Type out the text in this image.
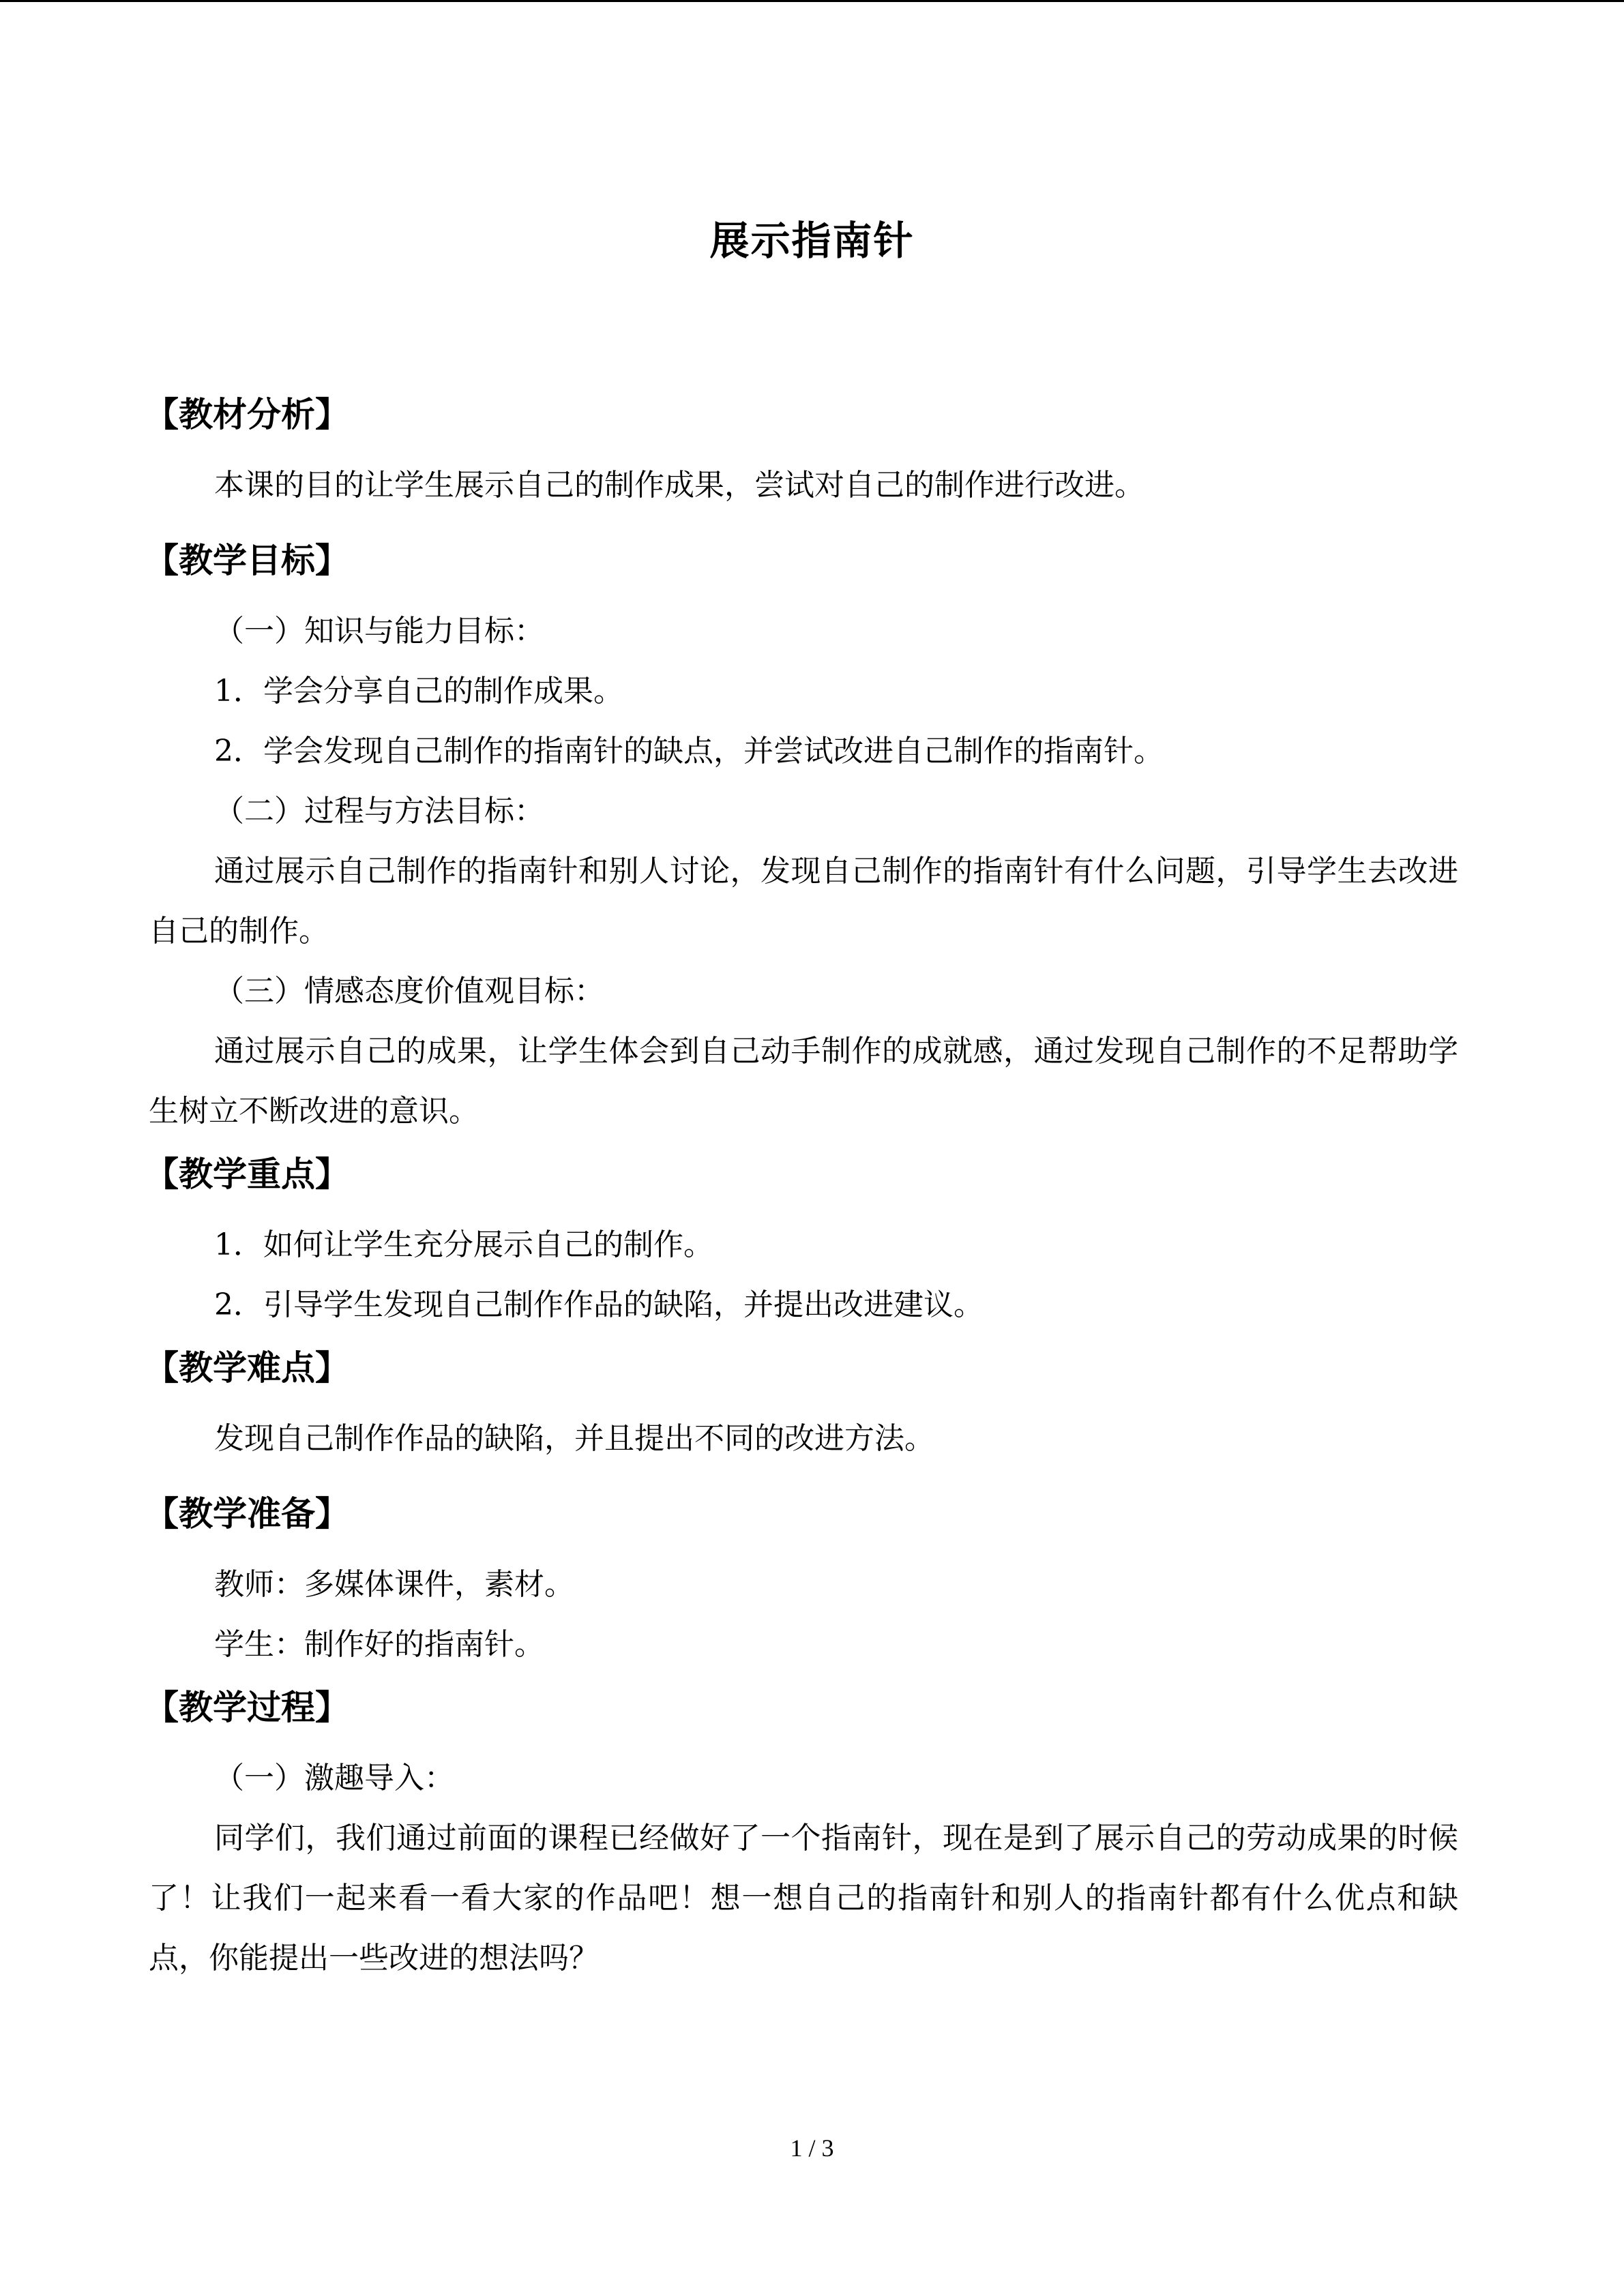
展示指南针
【教材分析】

本课的目的让学生展示自己的制作成果，尝试对自己的制作进行改进。

【教学目标】

（一）知识与能力目标：

1．学会分享自己的制作成果。

2．学会发现自己制作的指南针的缺点，并尝试改进自己制作的指南针。

（二）过程与方法目标：

通过展示自己制作的指南针和别人讨论，发现自己制作的指南针有什么问题，引导学生去改进自己的制作。

（三）情感态度价值观目标：

通过展示自己的成果，让学生体会到自己动手制作的成就感，通过发现自己制作的不足帮助学生树立不断改进的意识。

【教学重点】

1．如何让学生充分展示自己的制作。

2．引导学生发现自己制作作品的缺陷，并提出改进建议。

【教学难点】

发现自己制作作品的缺陷，并且提出不同的改进方法。

【教学准备】

教师：多媒体课件，素材。

学生：制作好的指南针。

【教学过程】

（一）激趣导入：

同学们，我们通过前面的课程已经做好了一个指南针，现在是到了展示自己的劳动成果的时候了！让我们一起来看一看大家的作品吧！想一想自己的指南针和别人的指南针都有什么优点和缺点，你能提出一些改进的想法吗？

1 / 3
